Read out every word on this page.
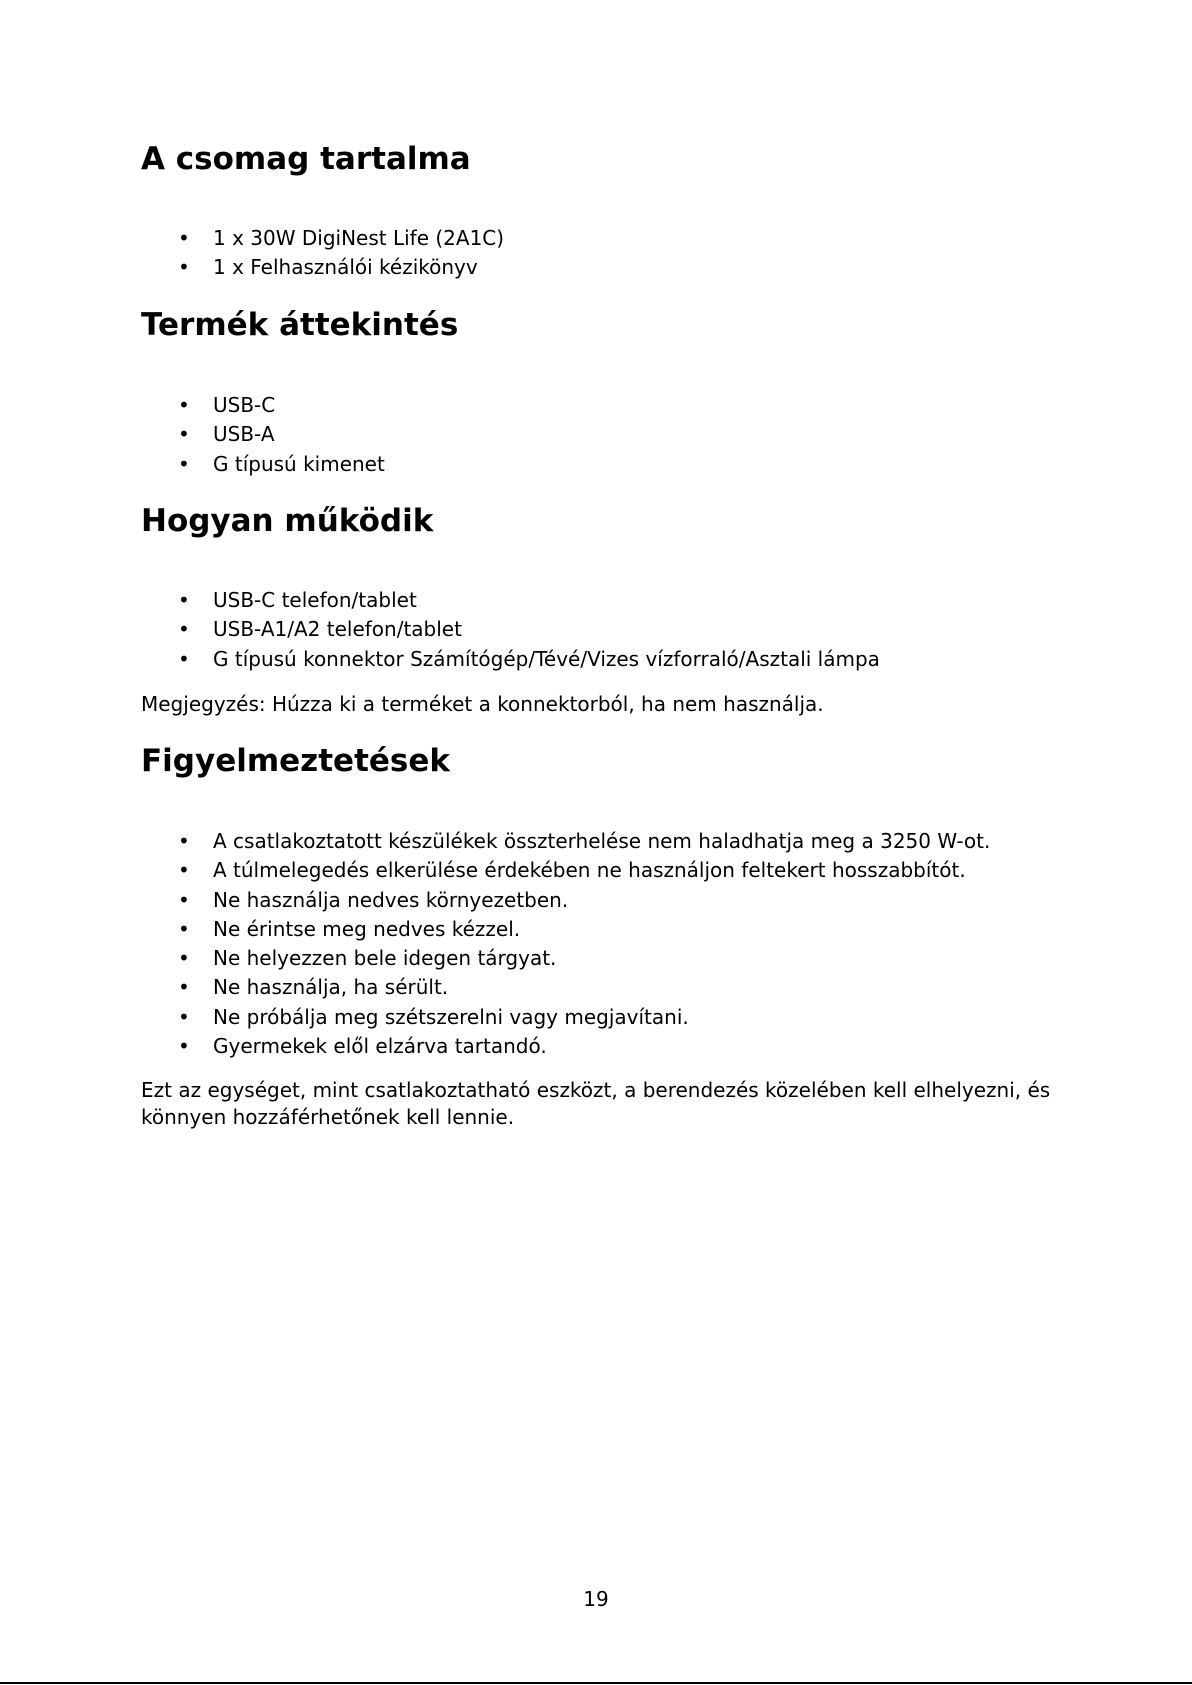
A csomag tartalma
• 1 x 30W DigiNest Life (2A1C)
• 1 x Felhasználói kézikönyv
Termék áttekintés
• USB-C
• USB-A
• G típusú kimenet
Hogyan működik
• USB-C telefon/tablet
• USB-A1/A2 telefon/tablet
• G típusú konnektor Számítógép/Tévé/Vizes vízforraló/Asztali lámpa

Megjegyzés: Húzza ki a terméket a konnektorból, ha nem használja.

Figyelmeztetések
• A csatlakoztatott készülékek összterhelése nem haladhatja meg a 3250 W-ot.
• A túlmelegedés elkerülése érdekében ne használjon feltekert hosszabbítót.
• Ne használja nedves környezetben.
• Ne érintse meg nedves kézzel.
• Ne helyezzen bele idegen tárgyat.
• Ne használja, ha sérült.
• Ne próbálja meg szétszerelni vagy megjavítani.
• Gyermekek elől elzárva tartandó.

Ezt az egységet, mint csatlakoztatható eszközt, a berendezés közelében kell elhelyezni, és könnyen hozzáférhetőnek kell lennie.

19
